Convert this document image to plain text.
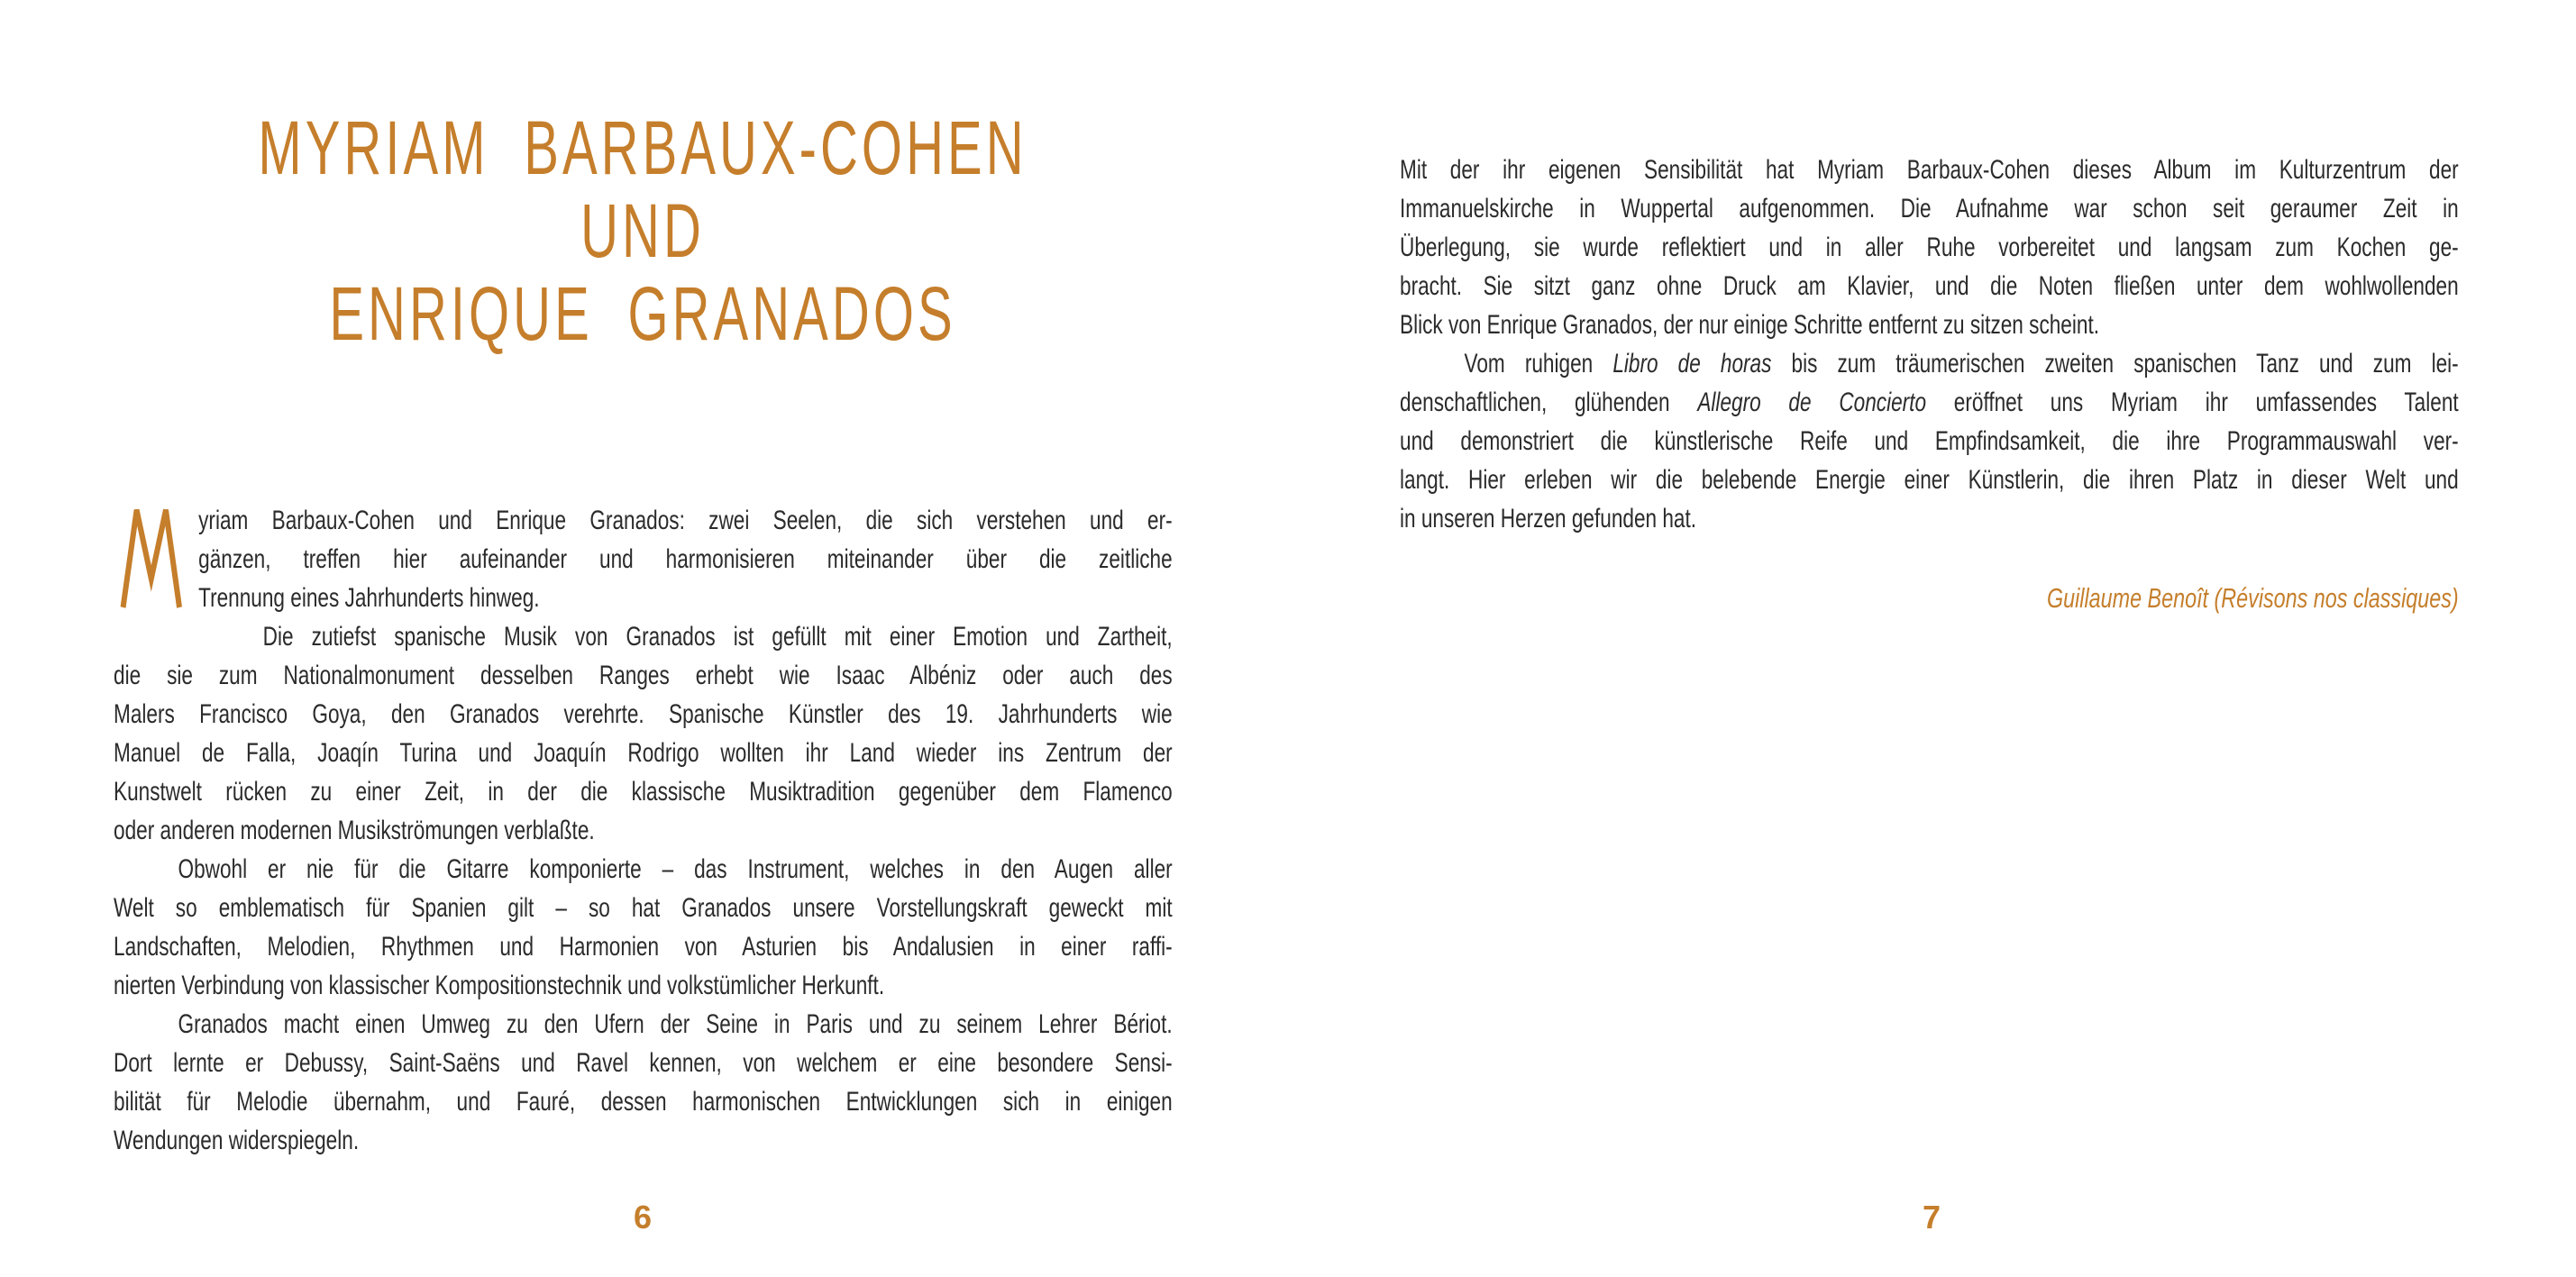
MYRIAM BARBAUX-COHEN
UND
ENRIQUE GRANADOS
yriam Barbaux-Cohen und Enrique Granados: zwei Seelen, die sich verstehen und er-
gänzen, treffen hier aufeinander und harmonisieren miteinander über die zeitliche
Trennung eines Jahrhunderts hinweg.
Die zutiefst spanische Musik von Granados ist gefüllt mit einer Emotion und Zartheit,
die sie zum Nationalmonument desselben Ranges erhebt wie Isaac Albéniz oder auch des
Malers Francisco Goya, den Granados verehrte. Spanische Künstler des 19. Jahrhunderts wie
Manuel de Falla, Joaqín Turina und Joaquín Rodrigo wollten ihr Land wieder ins Zentrum der
Kunstwelt rücken zu einer Zeit, in der die klassische Musiktradition gegenüber dem Flamenco
oder anderen modernen Musikströmungen verblaßte.
Obwohl er nie für die Gitarre komponierte – das Instrument, welches in den Augen aller
Welt so emblematisch für Spanien gilt – so hat Granados unsere Vorstellungskraft geweckt mit
Landschaften, Melodien, Rhythmen und Harmonien von Asturien bis Andalusien in einer raffi-
nierten Verbindung von klassischer Kompositionstechnik und volkstümlicher Herkunft.
Granados macht einen Umweg zu den Ufern der Seine in Paris und zu seinem Lehrer Bériot.
Dort lernte er Debussy, Saint-Saëns und Ravel kennen, von welchem er eine besondere Sensi-
bilität für Melodie übernahm, und Fauré, dessen harmonischen Entwicklungen sich in einigen
Wendungen widerspiegeln.
6
Mit der ihr eigenen Sensibilität hat Myriam Barbaux-Cohen dieses Album im Kulturzentrum der
Immanuelskirche in Wuppertal aufgenommen. Die Aufnahme war schon seit geraumer Zeit in
Überlegung, sie wurde reflektiert und in aller Ruhe vorbereitet und langsam zum Kochen ge-
bracht. Sie sitzt ganz ohne Druck am Klavier, und die Noten fließen unter dem wohlwollenden
Blick von Enrique Granados, der nur einige Schritte entfernt zu sitzen scheint.
Vom ruhigen Libro de horas bis zum träumerischen zweiten spanischen Tanz und zum lei-
denschaftlichen, glühenden Allegro de Concierto eröffnet uns Myriam ihr umfassendes Talent
und demonstriert die künstlerische Reife und Empfindsamkeit, die ihre Programmauswahl ver-
langt. Hier erleben wir die belebende Energie einer Künstlerin, die ihren Platz in dieser Welt und
in unseren Herzen gefunden hat.
Guillaume Benoît (Révisons nos classiques)
7
